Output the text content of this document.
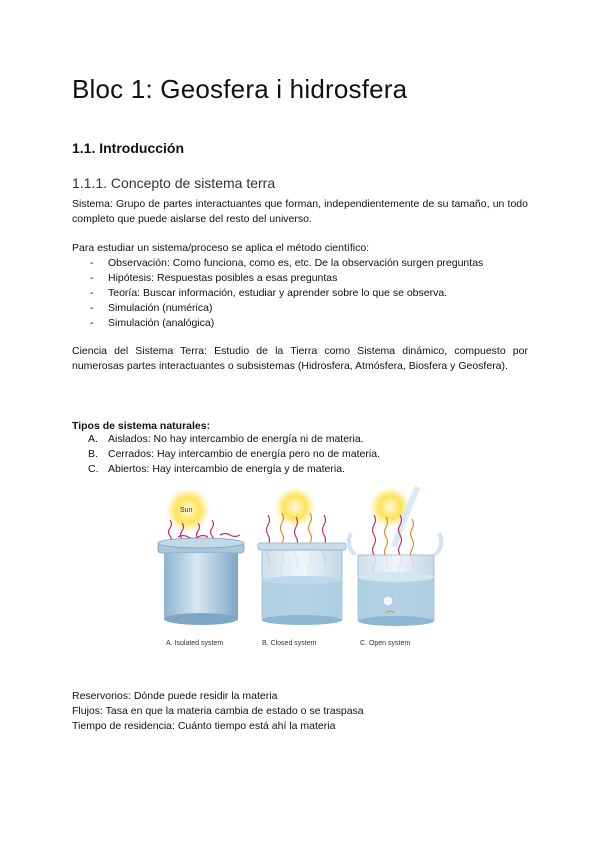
Bloc 1: Geosfera i hidrosfera
1.1. Introducción
1.1.1. Concepto de sistema terra

Sistema: Grupo de partes interactuantes que forman, independientemente de su tamaño, un todo completo que puede aislarse del resto del universo.

Para estudiar un sistema/proceso se aplica el método científico:

- Observación: Como funciona, como es, etc. De la observación surgen preguntas
- Hipótesis: Respuestas posibles a esas preguntas
- Teoría: Buscar información, estudiar y aprender sobre lo que se observa.
- Simulación (numérica)
- Simulación (analógica)

Ciencia del Sistema Terra: Estudio de la Tierra como Sistema dinámico, compuesto por numerosas partes interactuantes o subsistemas (Hidrosfera, Atmósfera, Biosfera y Geosfera).

Tipos de sistema naturales:

A. Aislados: No hay intercambio de energía ni de materia.
B. Cerrados: Hay intercambio de energía pero no de materia.
C. Abiertos: Hay intercambio de energía y de materia.
Sun
A. Isolated system	B. Closed system	C. Open system

Reservorios: Dónde puede residir la materia

Flujos: Tasa en que la materia cambia de estado o se traspasa

Tiempo de residencia: Cuánto tiempo está ahí la materia
